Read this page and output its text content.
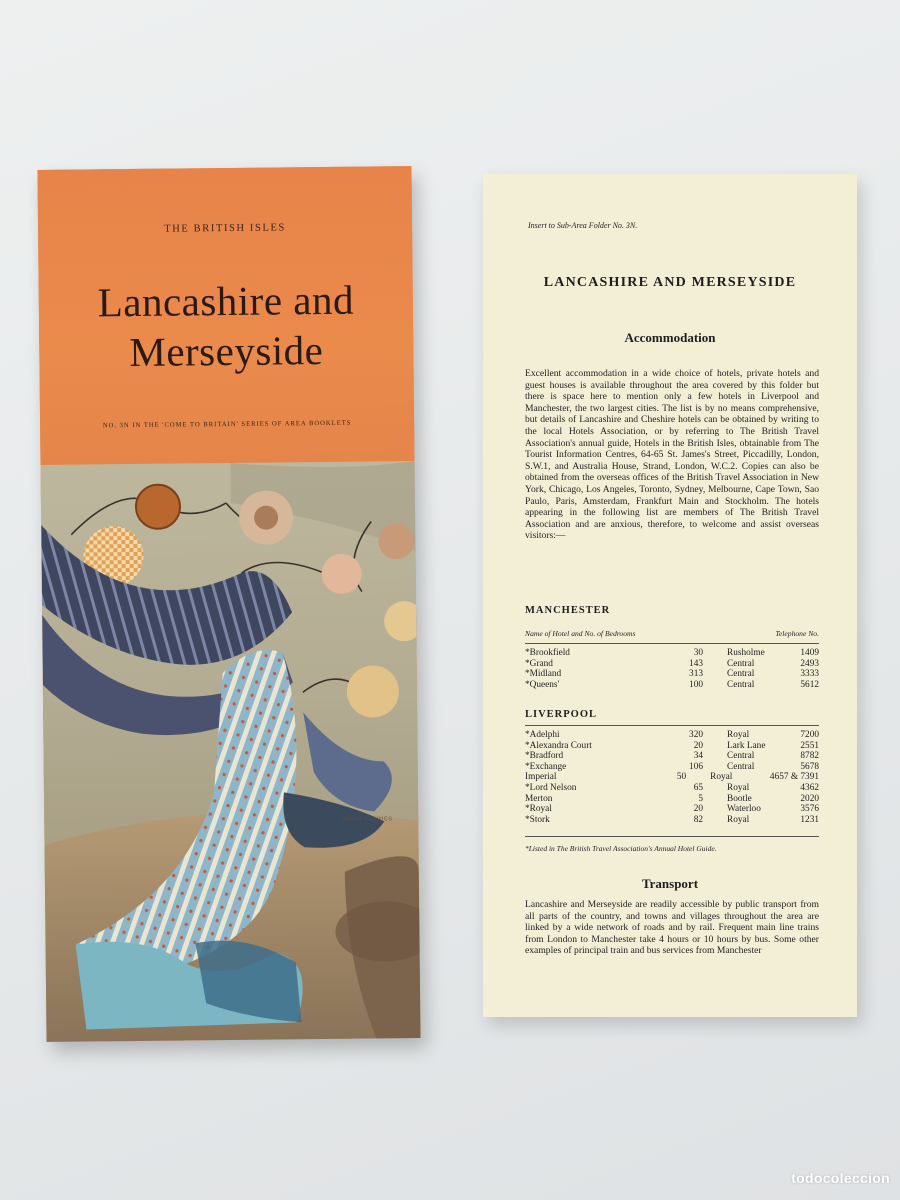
THE BRITISH ISLES
Lancashire and
Merseyside
NO. 3N IN THE 'COME TO BRITAIN' SERIES OF AREA BOOKLETS
CEPEA FABRICS
Insert to Sub-Area Folder No. 3N.
LANCASHIRE AND MERSEYSIDE
Accommodation

Excellent accommodation in a wide choice of hotels, private hotels and guest houses is available throughout the area covered by this folder but there is space here to mention only a few hotels in Liverpool and Manchester, the two largest cities. The list is by no means comprehensive, but details of Lancashire and Cheshire hotels can be obtained by writing to the local Hotels Association, or by referring to The British Travel Association's annual guide, Hotels in the British Isles, obtainable from The Tourist Information Centres, 64-65 St. James's Street, Piccadilly, London, S.W.1, and Australia House, Strand, London, W.C.2. Copies can also be obtained from the overseas offices of the British Travel Association in New York, Chicago, Los Angeles, Toronto, Sydney, Melbourne, Cape Town, Sao Paulo, Paris, Amsterdam, Frankfurt Main and Stockholm. The hotels appearing in the following list are members of The British Travel Association and are anxious, therefore, to welcome and assist overseas visitors:—

MANCHESTER
Name of Hotel and No. of Bedrooms	Telephone No.
*Brookfield	30	Rusholme	1409
*Grand	143	Central	2493
*Midland	313	Central	3333
*Queens'	100	Central	5612
LIVERPOOL
*Adelphi	320	Royal	7200
*Alexandra Court	20	Lark Lane	2551
*Bradford	34	Central	8782
*Exchange	106	Central	5678
Imperial	50	Royal	4657 & 7391
*Lord Nelson	65	Royal	4362
Merton	5	Bootle	2020
*Royal	20	Waterloo	3576
*Stork	82	Royal	1231
*Listed in The British Travel Association's Annual Hotel Guide.
Transport

Lancashire and Merseyside are readily accessible by public transport from all parts of the country, and towns and villages throughout the area are linked by a wide network of roads and by rail. Frequent main line trains from London to Manchester take 4 hours or 10 hours by bus. Some other examples of principal train and bus services from Manchester

todocoleccion
